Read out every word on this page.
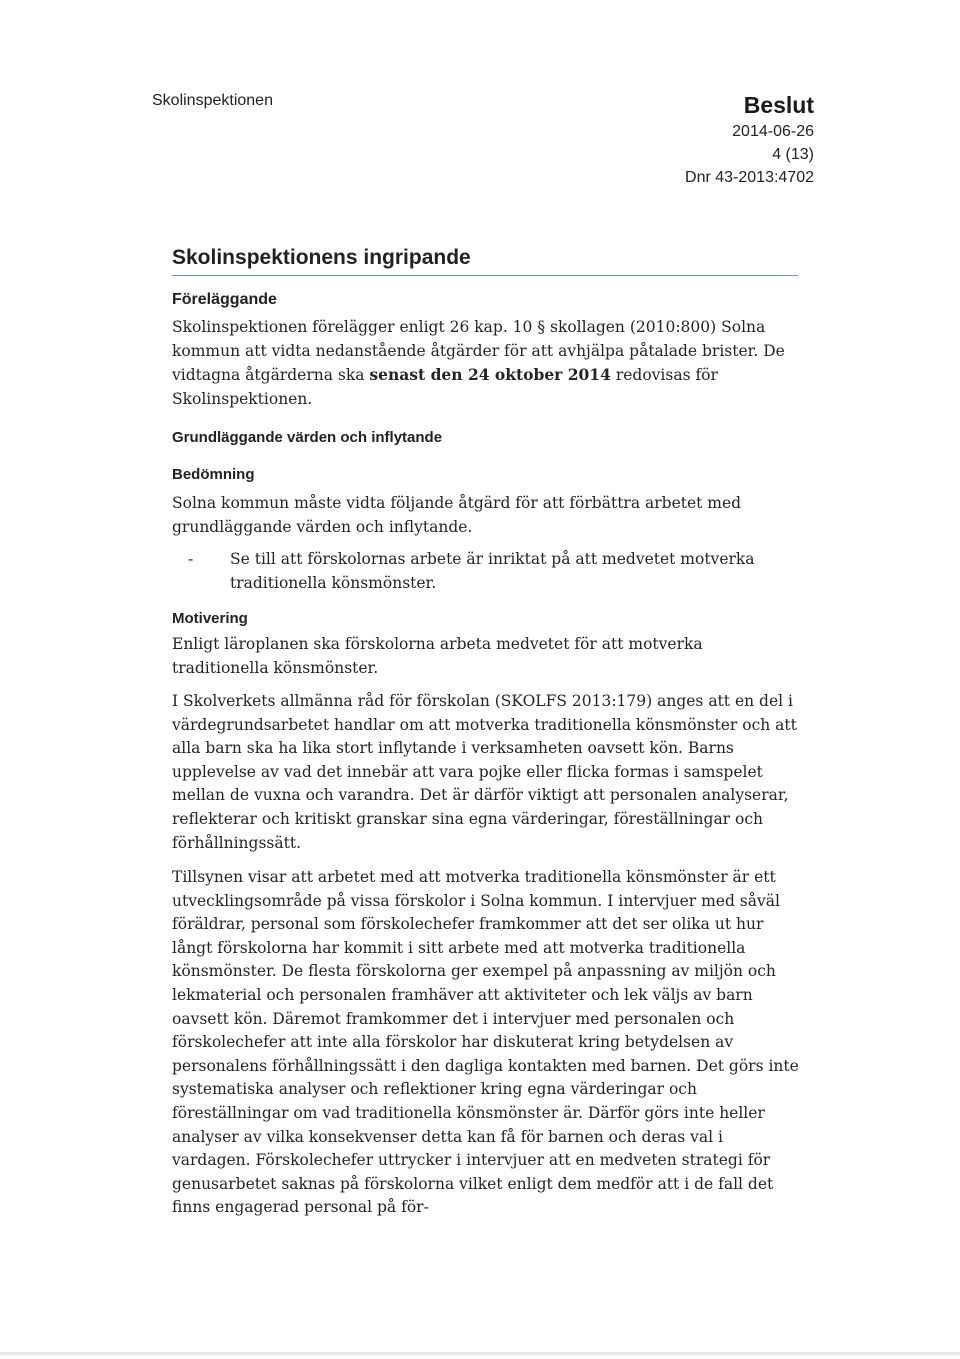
Skolinspektionen	Beslut
2014-06-26
4 (13)
Dnr 43-2013:4702
Skolinspektionens ingripande
Föreläggande
Skolinspektionen förelägger enligt 26 kap. 10 § skollagen (2010:800) Solna kommun att vidta nedanstående åtgärder för att avhjälpa påtalade brister. De vidtagna åtgärderna ska senast den 24 oktober 2014 redovisas för Skolinspektionen.
Grundläggande värden och inflytande
Bedömning
Solna kommun måste vidta följande åtgärd för att förbättra arbetet med grundläggande värden och inflytande.
- Se till att förskolornas arbete är inriktat på att medvetet motverka traditionella könsmönster.
Motivering
Enligt läroplanen ska förskolorna arbeta medvetet för att motverka traditionella könsmönster.
I Skolverkets allmänna råd för förskolan (SKOLFS 2013:179) anges att en del i värdegrundsarbetet handlar om att motverka traditionella könsmönster och att alla barn ska ha lika stort inflytande i verksamheten oavsett kön. Barns upplevelse av vad det innebär att vara pojke eller flicka formas i samspelet mellan de vuxna och varandra. Det är därför viktigt att personalen analyserar, reflekterar och kritiskt granskar sina egna värderingar, föreställningar och förhållningssätt.
Tillsynen visar att arbetet med att motverka traditionella könsmönster är ett utvecklingsområde på vissa förskolor i Solna kommun. I intervjuer med såväl föräldrar, personal som förskolechefer framkommer att det ser olika ut hur långt förskolorna har kommit i sitt arbete med att motverka traditionella könsmönster. De flesta förskolorna ger exempel på anpassning av miljön och lekmaterial och personalen framhäver att aktiviteter och lek väljs av barn oavsett kön. Däremot framkommer det i intervjuer med personalen och förskolechefer att inte alla förskolor har diskuterat kring betydelsen av personalens förhållningssätt i den dagliga kontakten med barnen. Det görs inte systematiska analyser och reflektioner kring egna värderingar och föreställningar om vad traditionella könsmönster är. Därför görs inte heller analyser av vilka konsekvenser detta kan få för barnen och deras val i vardagen. Förskolechefer uttrycker i intervjuer att en medveten strategi för genusarbetet saknas på förskolorna vilket enligt dem medför att i de fall det finns engagerad personal på för-
